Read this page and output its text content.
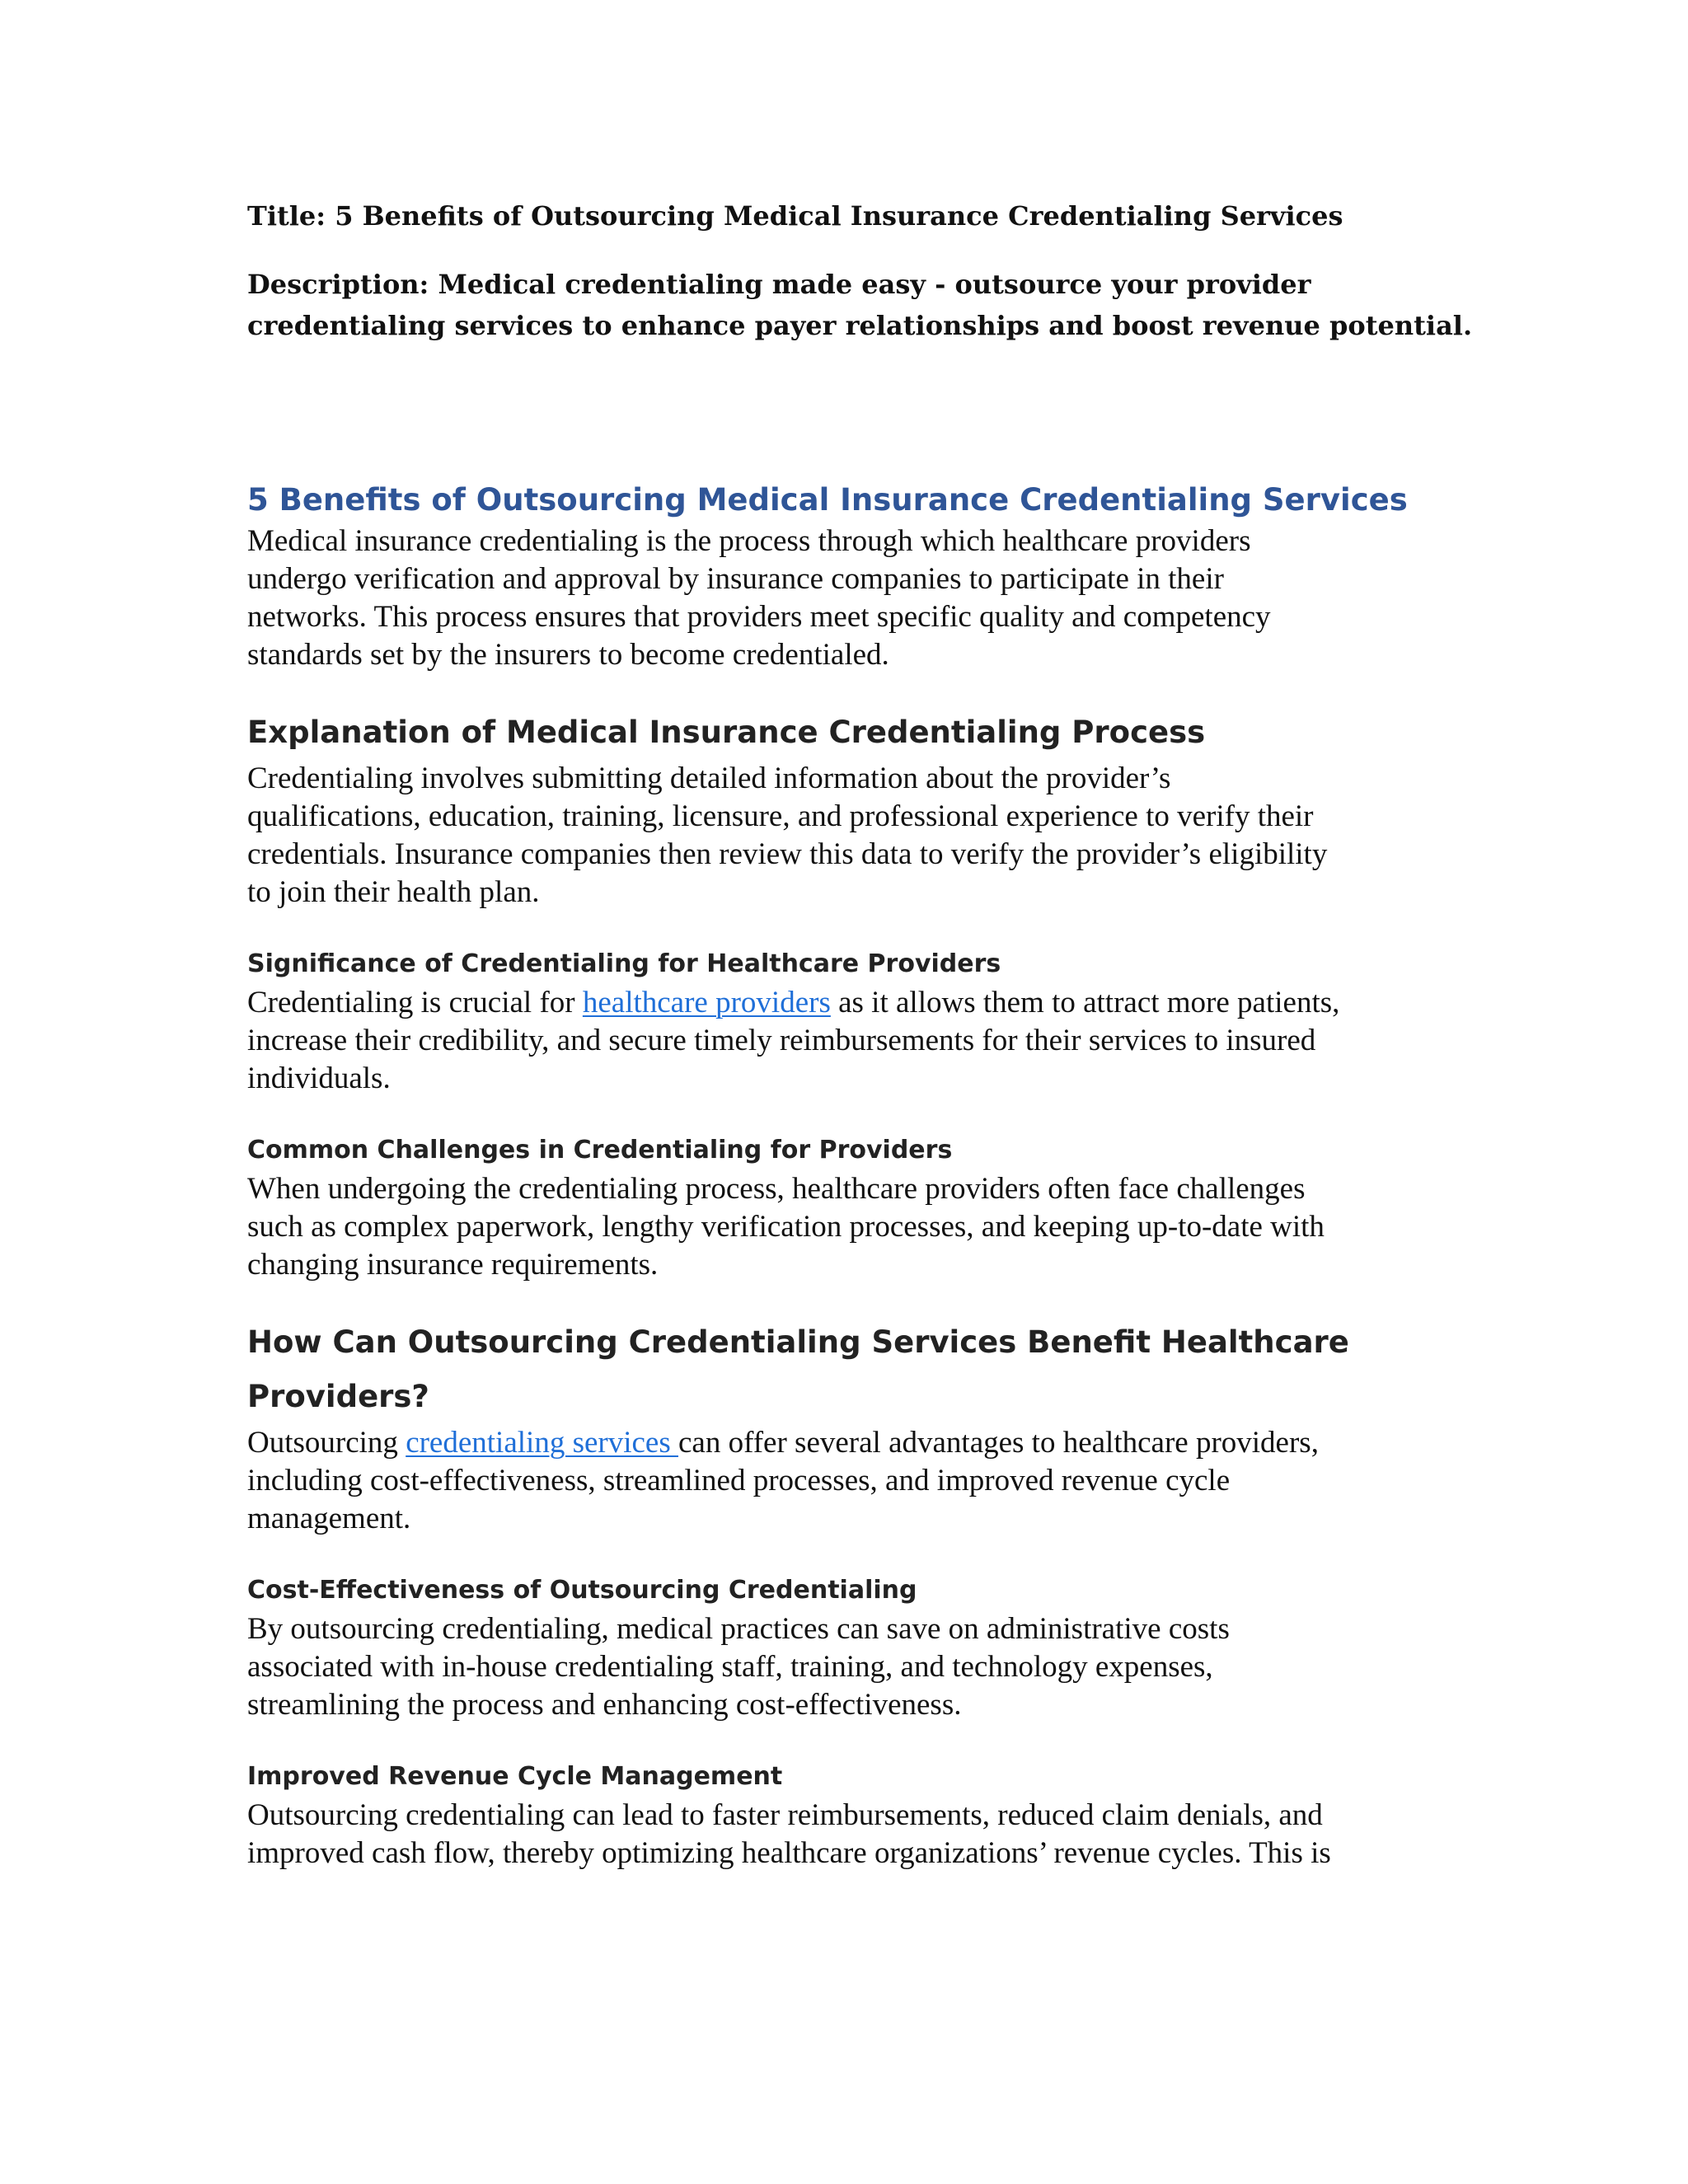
Title: 5 Benefits of Outsourcing Medical Insurance Credentialing Services
Description: Medical credentialing made easy - outsource your provider
credentialing services to enhance payer relationships and boost revenue potential.
5 Benefits of Outsourcing Medical Insurance Credentialing Services
Medical insurance credentialing is the process through which healthcare providers
undergo verification and approval by insurance companies to participate in their
networks. This process ensures that providers meet specific quality and competency
standards set by the insurers to become credentialed.
Explanation of Medical Insurance Credentialing Process
Credentialing involves submitting detailed information about the provider’s
qualifications, education, training, licensure, and professional experience to verify their
credentials. Insurance companies then review this data to verify the provider’s eligibility
to join their health plan.
Significance of Credentialing for Healthcare Providers
Credentialing is crucial for healthcare providers as it allows them to attract more patients,
increase their credibility, and secure timely reimbursements for their services to insured
individuals.
Common Challenges in Credentialing for Providers
When undergoing the credentialing process, healthcare providers often face challenges
such as complex paperwork, lengthy verification processes, and keeping up-to-date with
changing insurance requirements.
How Can Outsourcing Credentialing Services Benefit Healthcare
Providers?
Outsourcing credentialing services can offer several advantages to healthcare providers,
including cost-effectiveness, streamlined processes, and improved revenue cycle
management.
Cost-Effectiveness of Outsourcing Credentialing
By outsourcing credentialing, medical practices can save on administrative costs
associated with in-house credentialing staff, training, and technology expenses,
streamlining the process and enhancing cost-effectiveness.
Improved Revenue Cycle Management
Outsourcing credentialing can lead to faster reimbursements, reduced claim denials, and
improved cash flow, thereby optimizing healthcare organizations’ revenue cycles. This is
